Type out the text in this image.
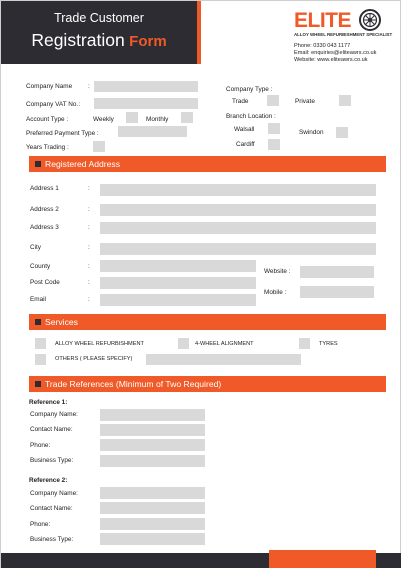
Trade Customer
Registration Form
ELITE
ALLOY WHEEL REFURBISHMENT SPECIALIST
Phone: 0330 043 1177
Email: enquiries@eliteawrs.co.uk
Website: www.eliteawrs.co.uk
Company Name :
Company VAT No.:
Account Type :	Weekly	Monthly
Preferred Payment Type :
Years Trading :
Company Type :
Trade	Private
Branch Location :
Walsall	Swindon
Cardiff
Registered Address
Address 1	:
Address 2	:
Address 3	:
City	:
County	:
Post Code	:
Email	:
Website :
Mobile :
Services
ALLOY WHEEL REFURBISHMENT	4-WHEEL ALIGNMENT	TYRES
OTHERS ( PLEASE SPECIFY)
Trade References (Minimum of Two Required)
Reference 1:
Company Name:
Contact Name:
Phone:
Business Type:
Reference 2:
Company Name:
Contact Name:
Phone:
Business Type:
